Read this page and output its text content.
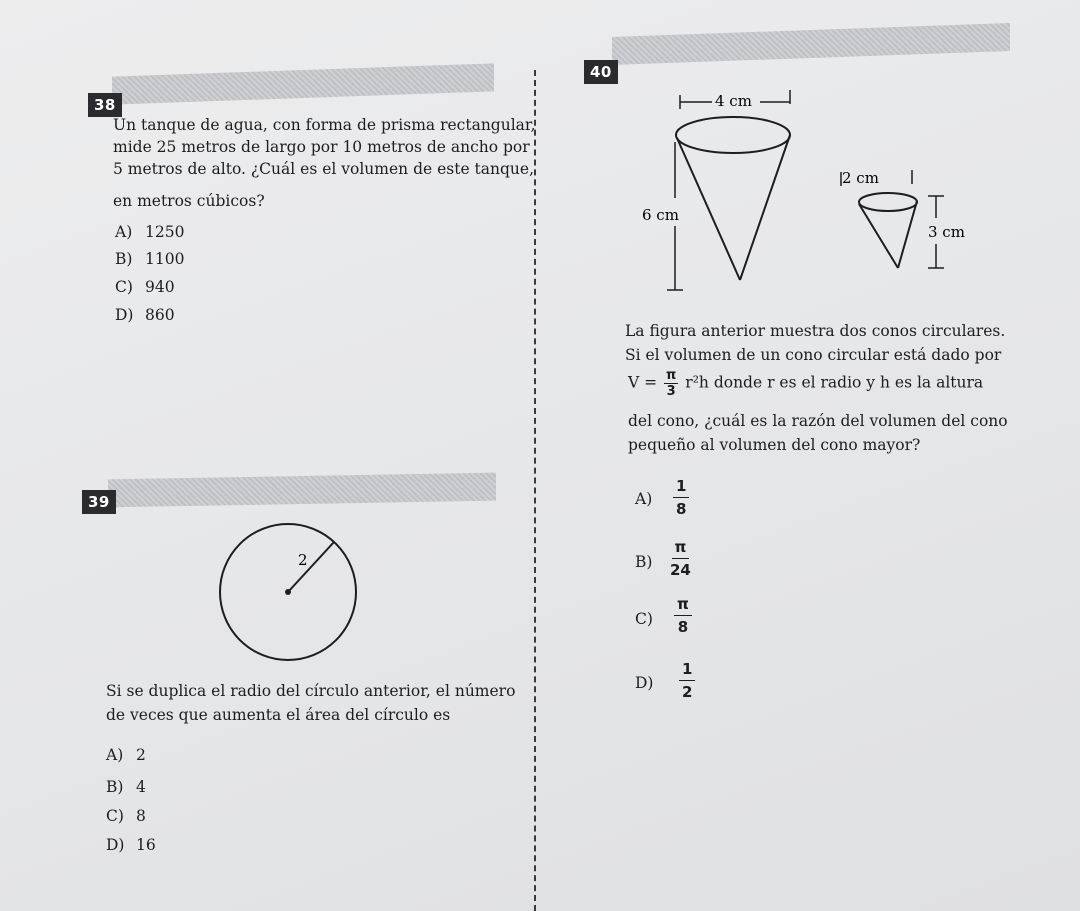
38
Un tanque de agua, con forma de prisma rectangular,
mide 25 metros de largo por 10 metros de ancho por
5 metros de alto. ¿Cuál es el volumen de este tanque,
en metros cúbicos?
A) 1250
B) 1100
C) 940
D) 860
39
2
Si se duplica el radio del círculo anterior, el número
de veces que aumenta el área del círculo es
A) 2
B) 4
C) 8
D) 16
40
4 cm
6 cm
2 cm
3 cm
La figura anterior muestra dos conos circulares.
Si el volumen de un cono circular está dado por
$V = \frac{\pi}{3} r^2h$ donde r es el radio y h es la altura
del cono, ¿cuál es la razón del volumen del cono
pequeño al volumen del cono mayor?
$A) \frac{1}{8}$
$B) \frac{\pi}{24}$
$C) \frac{\pi}{8}$
$D) \frac{1}{2}$
